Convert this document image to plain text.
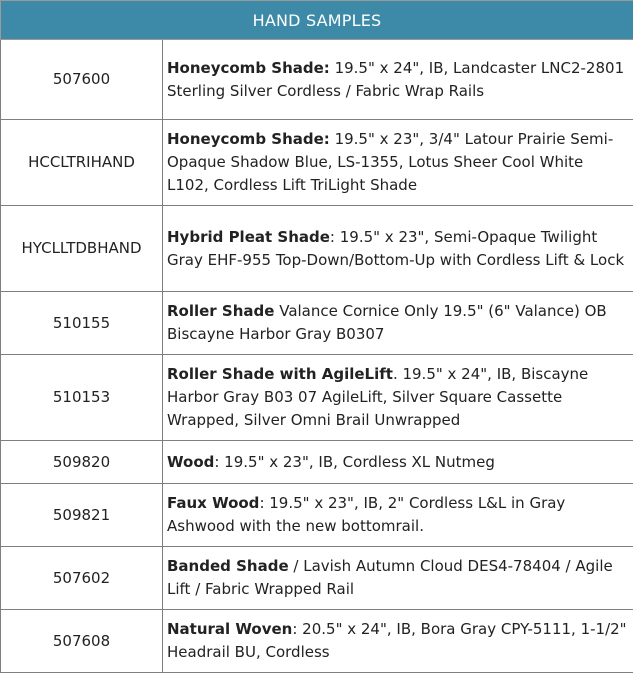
HAND SAMPLES	
507600	Honeycomb Shade: 19.5" x 24", IB, Landcaster LNC2-2801 Sterling Silver Cordless / Fabric Wrap Rails
HCCLTRIHAND	Honeycomb Shade: 19.5" x 23", 3/4" Latour Prairie Semi-Opaque Shadow Blue, LS-1355, Lotus Sheer Cool White L102, Cordless Lift TriLight Shade
HYCLLTDBHAND	Hybrid Pleat Shade: 19.5" x 23", Semi-Opaque Twilight Gray EHF-955 Top-Down/Bottom-Up with Cordless Lift & Lock
510155	Roller Shade Valance Cornice Only 19.5" (6" Valance) OB Biscayne Harbor Gray B0307
510153	Roller Shade with AgileLift. 19.5" x 24", IB, Biscayne Harbor Gray B03 07 AgileLift, Silver Square Cassette Wrapped, Silver Omni Brail Unwrapped
509820	Wood: 19.5" x 23", IB, Cordless XL Nutmeg
509821	Faux Wood: 19.5" x 23", IB, 2" Cordless L&L in Gray Ashwood with the new bottomrail.
507602	Banded Shade / Lavish Autumn Cloud DES4-78404 / Agile Lift / Fabric Wrapped Rail
507608	Natural Woven: 20.5" x 24", IB, Bora Gray CPY-5111, 1-1/2" Headrail BU, Cordless
